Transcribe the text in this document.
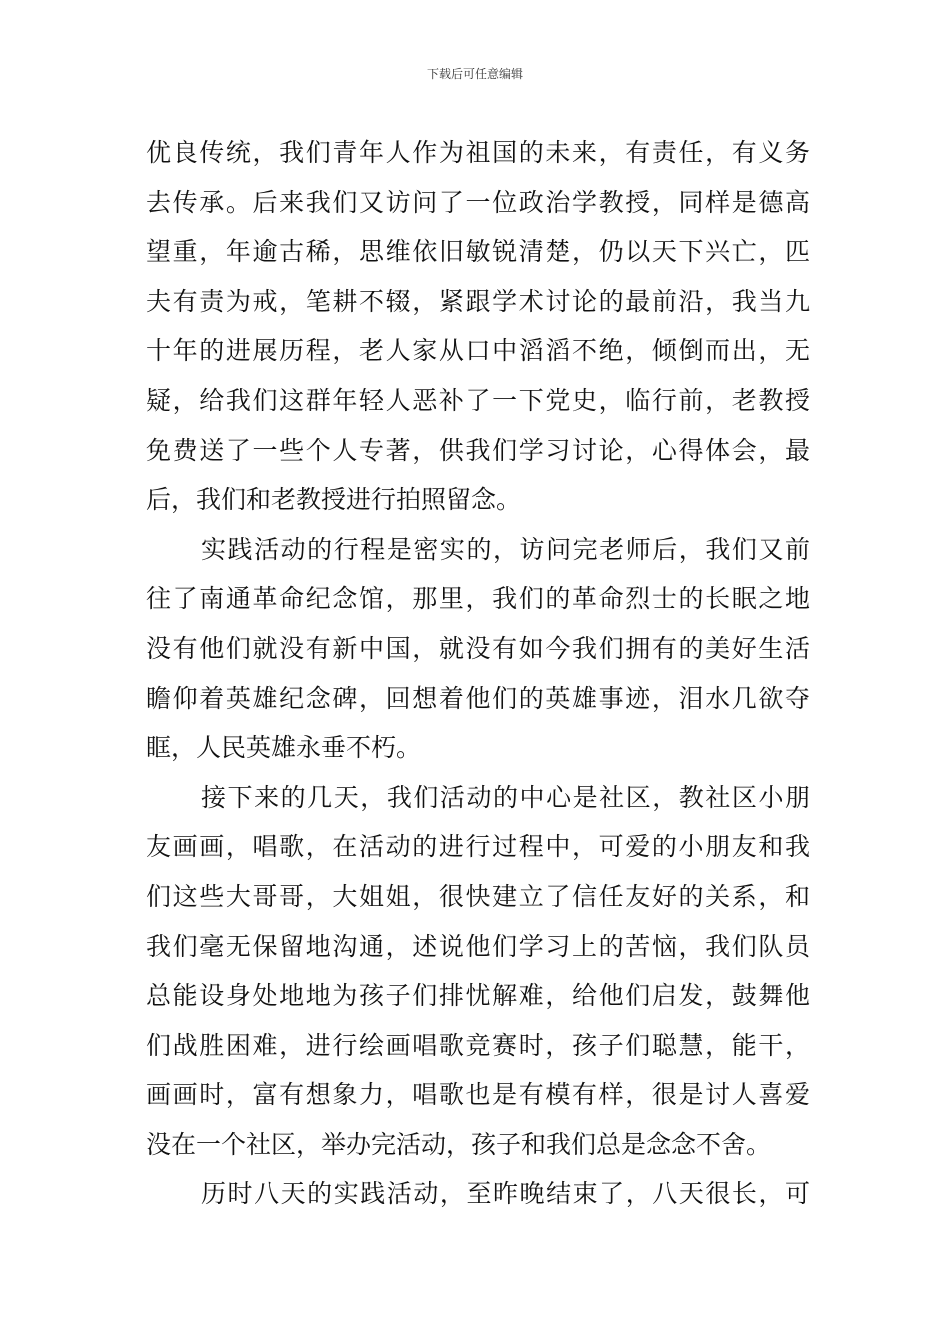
下载后可任意编辑
优良传统，我们青年人作为祖国的未来，有责任，有义务
去传承。后来我们又访问了一位政治学教授，同样是德高
望重，年逾古稀，思维依旧敏锐清楚，仍以天下兴亡，匹
夫有责为戒，笔耕不辍，紧跟学术讨论的最前沿，我当九
十年的进展历程，老人家从口中滔滔不绝，倾倒而出，无
疑，给我们这群年轻人恶补了一下党史，临行前，老教授
免费送了一些个人专著，供我们学习讨论，心得体会，最
后，我们和老教授进行拍照留念。
实践活动的行程是密实的，访问完老师后，我们又前
往了南通革命纪念馆，那里，我们的革命烈士的长眠之地
没有他们就没有新中国，就没有如今我们拥有的美好生活
瞻仰着英雄纪念碑，回想着他们的英雄事迹，泪水几欲夺
眶，人民英雄永垂不朽。
接下来的几天，我们活动的中心是社区，教社区小朋
友画画，唱歌，在活动的进行过程中，可爱的小朋友和我
们这些大哥哥，大姐姐，很快建立了信任友好的关系，和
我们毫无保留地沟通，述说他们学习上的苦恼，我们队员
总能设身处地地为孩子们排忧解难，给他们启发，鼓舞他
们战胜困难，进行绘画唱歌竞赛时，孩子们聪慧，能干，
画画时，富有想象力，唱歌也是有模有样，很是讨人喜爱
没在一个社区，举办完活动，孩子和我们总是念念不舍。
历时八天的实践活动，至昨晚结束了，八天很长，可
